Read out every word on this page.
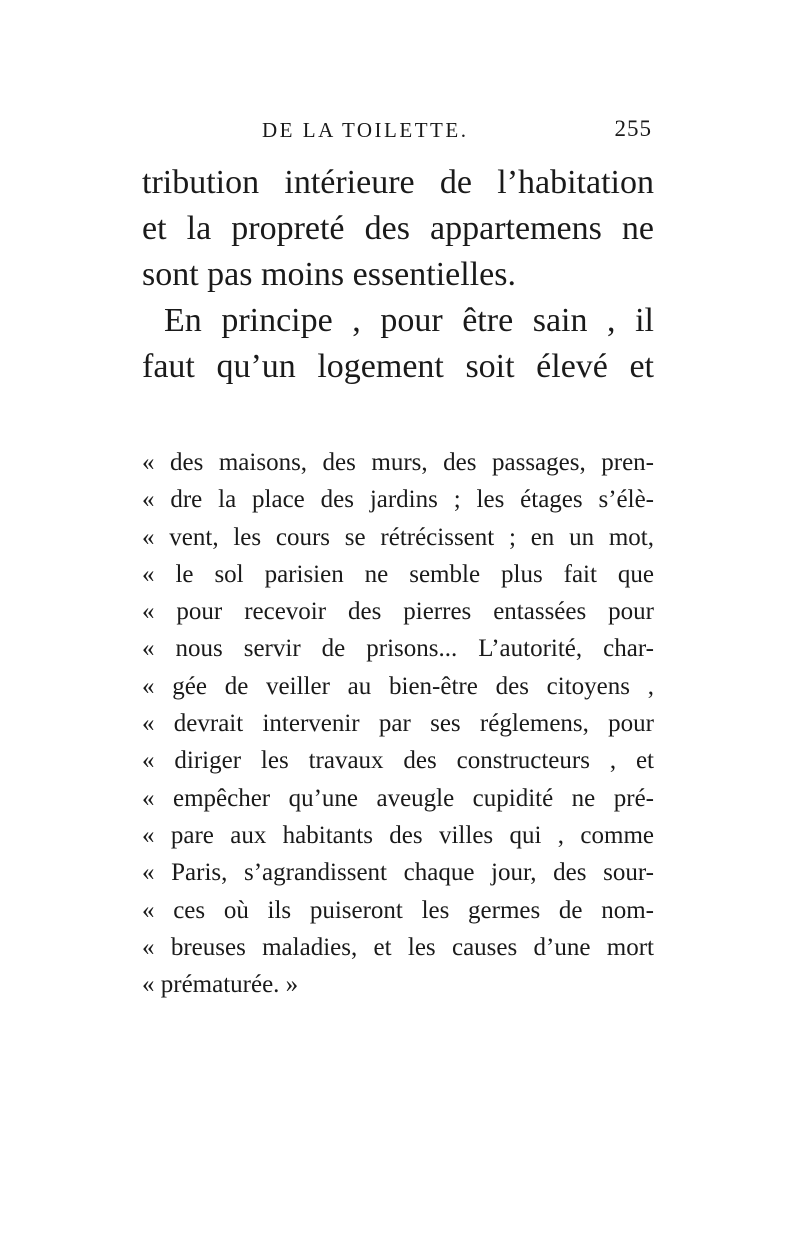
DE LA TOILETTE.	255
tribution intérieure de l’habitation
et la propreté des appartemens ne
sont pas moins essentielles.
En principe , pour être sain , il
faut qu’un logement soit élevé et
« des maisons, des murs, des passages, pren-
« dre la place des jardins ; les étages s’élè-
« vent, les cours se rétrécissent ; en un mot,
« le sol parisien ne semble plus fait que
« pour recevoir des pierres entassées pour
« nous servir de prisons... L’autorité, char-
« gée de veiller au bien-être des citoyens ,
« devrait intervenir par ses réglemens, pour
« diriger les travaux des constructeurs , et
« empêcher qu’une aveugle cupidité ne pré-
« pare aux habitants des villes qui , comme
« Paris, s’agrandissent chaque jour, des sour-
« ces où ils puiseront les germes de nom-
« breuses maladies, et les causes d’une mort
« prématurée. »
